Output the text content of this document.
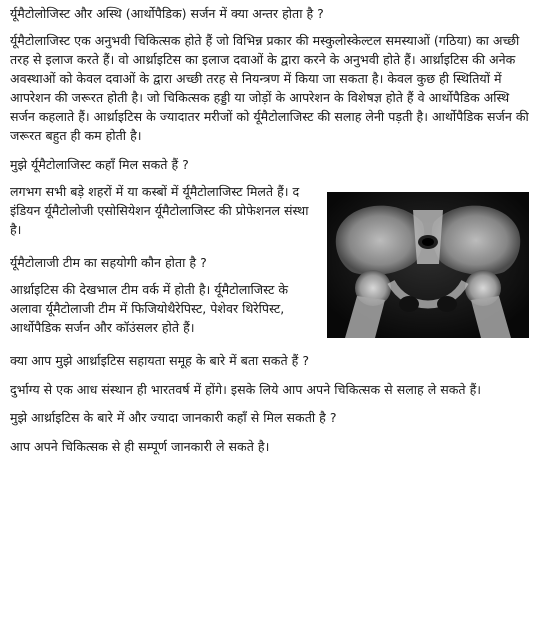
र्यूमैटोलोजिस्ट और अस्थि (आर्थोपैडिक) सर्जन में क्या अन्तर होता है ?

र्यूमैटोलाजिस्ट एक अनुभवी चिकित्सक होते हैं जो विभिन्न प्रकार की मस्कुलोस्केल्टल समस्याओं (गठिया) का अच्छी तरह से इलाज करते हैं। वो आर्थ्राइटिस का इलाज दवाओं के द्वारा करने के अनुभवी होते हैं। आर्थ्राइटिस की अनेक अवस्थाओं को केवल दवाओं के द्वारा अच्छी तरह से नियन्त्रण में किया जा सकता है। केवल कुछ ही स्थितियों में आपरेशन की जरूरत होती है। जो चिकित्सक हड्डी या जोड़ों के आपरेशन के विशेषज्ञ होते हैं वे आर्थोपैडिक अस्थि सर्जन कहलाते हैं। आर्थ्राइटिस के ज्यादातर मरीजों को र्यूमैटोलाजिस्ट की सलाह लेनी पड़ती है। आर्थोपैडिक सर्जन की जरूरत बहुत ही कम होती है।

मुझे र्यूमैटोलाजिस्ट कहाँ मिल सकते हैं ?

लगभग सभी बड़े शहरों में या कस्बों में र्यूमैटोलाजिस्ट मिलते हैं। द इंडियन र्यूमैटोलोजी एसोसियेशन र्यूमैटोलाजिस्ट की प्रोफेशनल संस्था है।

र्यूमैटोलाजी टीम का सहयोगी कौन होता है ?

आर्थ्राइटिस की देखभाल टीम वर्क में होती है। र्यूमैटोलाजिस्ट के अलावा र्यूमैटोलाजी टीम में फिजियोथैरेपिस्ट, पेशेवर थिरेपिस्ट, आर्थोपैडिक सर्जन और कॉउंसलर होते हैं।

क्या आप मुझे आर्थ्राइटिस सहायता समूह के बारे में बता सकते हैं ?

दुर्भाग्य से एक आध संस्थान ही भारतवर्ष में होंगे। इसके लिये आप अपने चिकित्सक से सलाह ले सकते हैं।

मुझे आर्थ्राइटिस के बारे में और ज्यादा जानकारी कहाँ से मिल सकती है ?

आप अपने चिकित्सक से ही सम्पूर्ण जानकारी ले सकते है।
